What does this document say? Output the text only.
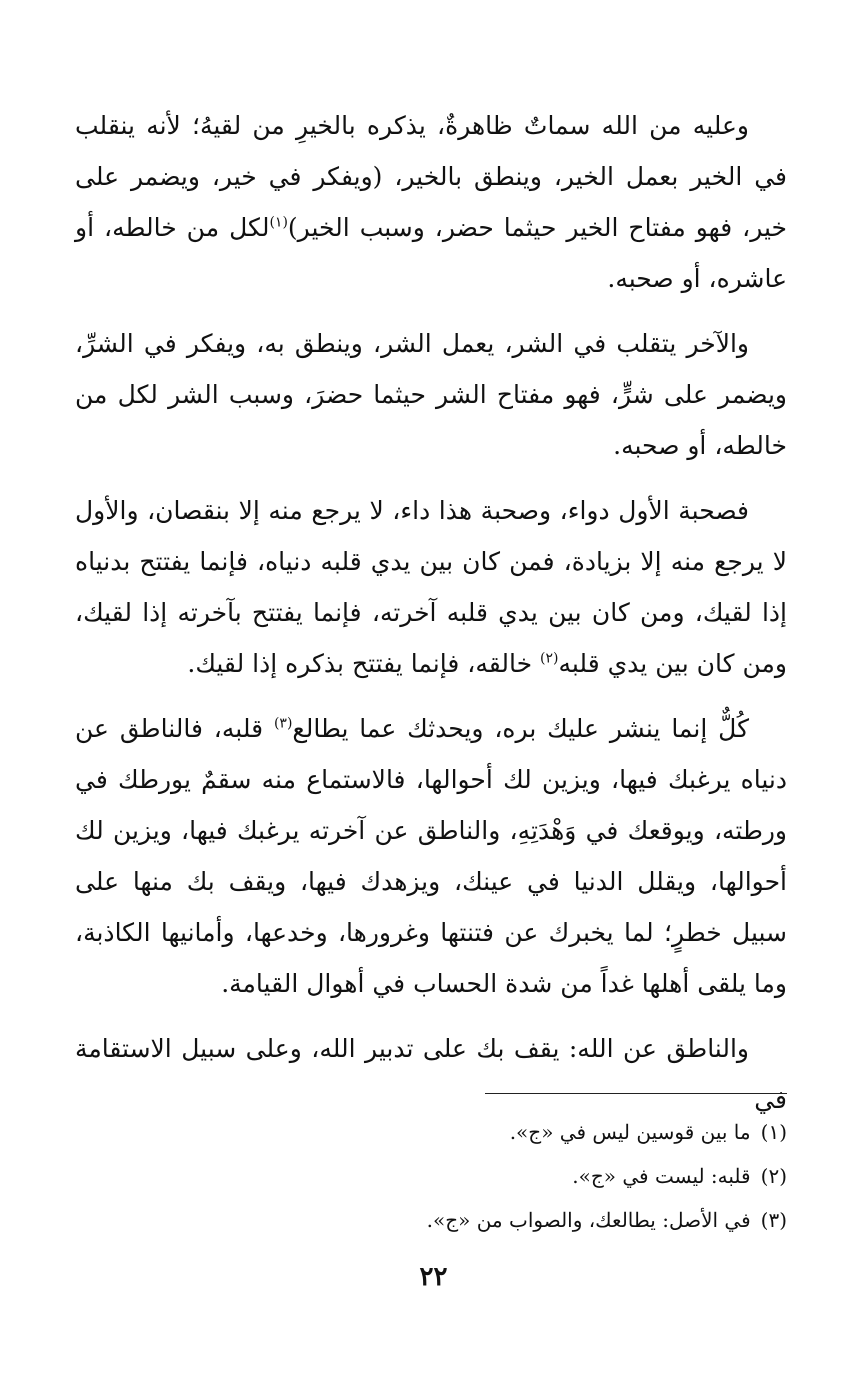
وعليه من الله سماتٌ ظاهرةٌ، يذكره بالخيرِ من لقيهُ؛ لأنه ينقلب في الخير بعمل الخير، وينطق بالخير، (ويفكر في خير، ويضمر على خير، فهو مفتاح الخير حيثما حضر، وسبب الخير)$^{(١)}$لكل من خالطه، أو عاشره، أو صحبه.

والآخر يتقلب في الشر، يعمل الشر، وينطق به، ويفكر في الشرِّ، ويضمر على شرٍّ، فهو مفتاح الشر حيثما حضرَ، وسبب الشر لكل من خالطه، أو صحبه.

فصحبة الأول دواء، وصحبة هذا داء، لا يرجع منه إلا بنقصان، والأول لا يرجع منه إلا بزيادة، فمن كان بين يدي قلبه دنياه، فإنما يفتتح بدنياه إذا لقيك، ومن كان بين يدي قلبه آخرته، فإنما يفتتح بآخرته إذا لقيك، ومن كان بين يدي قلبه$^{(٢)}$ خالقه، فإنما يفتتح بذكره إذا لقيك.

كُلٌّ إنما ينشر عليك بره، ويحدثك عما يطالع$^{(٣)}$ قلبه، فالناطق عن دنياه يرغبك فيها، ويزين لك أحوالها، فالاستماع منه سقمٌ يورطك في ورطته، ويوقعك في وَهْدَتِهِ، والناطق عن آخرته يرغبك فيها، ويزين لك أحوالها، ويقلل الدنيا في عينك، ويزهدك فيها، ويقف بك منها على سبيل خطرٍ؛ لما يخبرك عن فتنتها وغرورها، وخدعها، وأمانيها الكاذبة، وما يلقى أهلها غداً من شدة الحساب في أهوال القيامة.

والناطق عن الله: يقف بك على تدبير الله، وعلى سبيل الاستقامة في

(١)ما بين قوسين ليس في «ج».

(٢)قلبه: ليست في «ج».

(٣)في الأصل: يطالعك، والصواب من «ج».

٢٢
